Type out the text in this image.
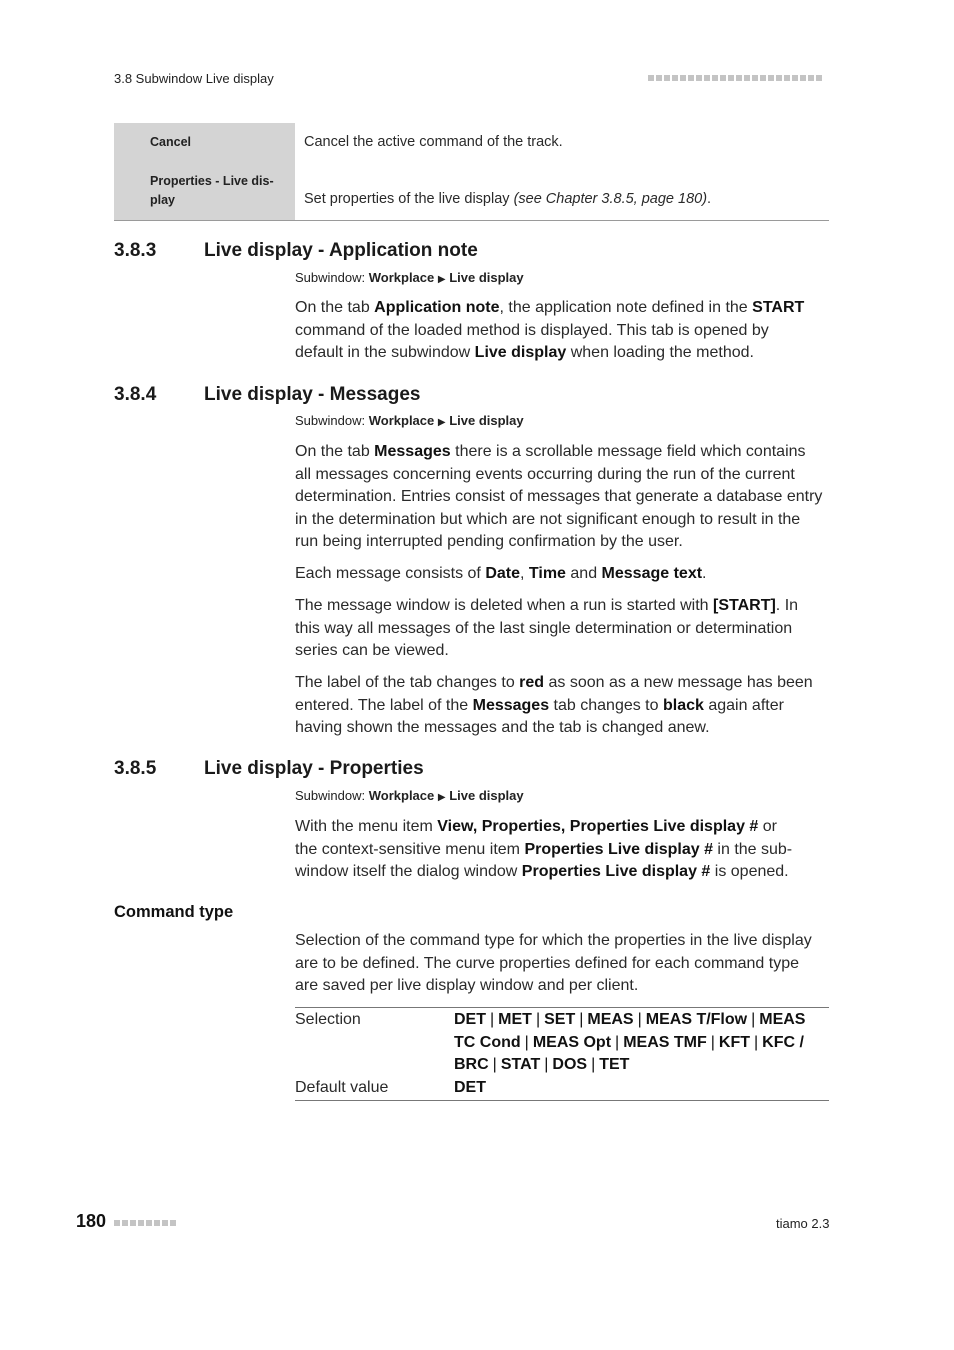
3.8 Subwindow Live display
Cancel	Cancel the active command of the track.
Properties - Live dis-
play	Set properties of the live display (see Chapter 3.8.5, page 180).
3.8.3	Live display - Application note
Subwindow: Workplace ▶ Live display
On the tab Application note, the application note defined in the START
command of the loaded method is displayed. This tab is opened by
default in the subwindow Live display when loading the method.
3.8.4	Live display - Messages
Subwindow: Workplace ▶ Live display
On the tab Messages there is a scrollable message field which contains
all messages concerning events occurring during the run of the current
determination. Entries consist of messages that generate a database entry
in the determination but which are not significant enough to result in the
run being interrupted pending confirmation by the user.
Each message consists of Date, Time and Message text.
The message window is deleted when a run is started with [START]. In
this way all messages of the last single determination or determination
series can be viewed.
The label of the tab changes to red as soon as a new message has been
entered. The label of the Messages tab changes to black again after
having shown the messages and the tab is changed anew.
3.8.5	Live display - Properties
Subwindow: Workplace ▶ Live display
With the menu item View, Properties, Properties Live display # or
the context-sensitive menu item Properties Live display # in the sub-
window itself the dialog window Properties Live display # is opened.
Command type
Selection of the command type for which the properties in the live display
are to be defined. The curve properties defined for each command type
are saved per live display window and per client.
Selection	DET | MET | SET | MEAS | MEAS T/Flow | MEAS
TC Cond | MEAS Opt | MEAS TMF | KFT | KFC /
BRC | STAT | DOS | TET
Default value	DET
180	tiamo 2.3
